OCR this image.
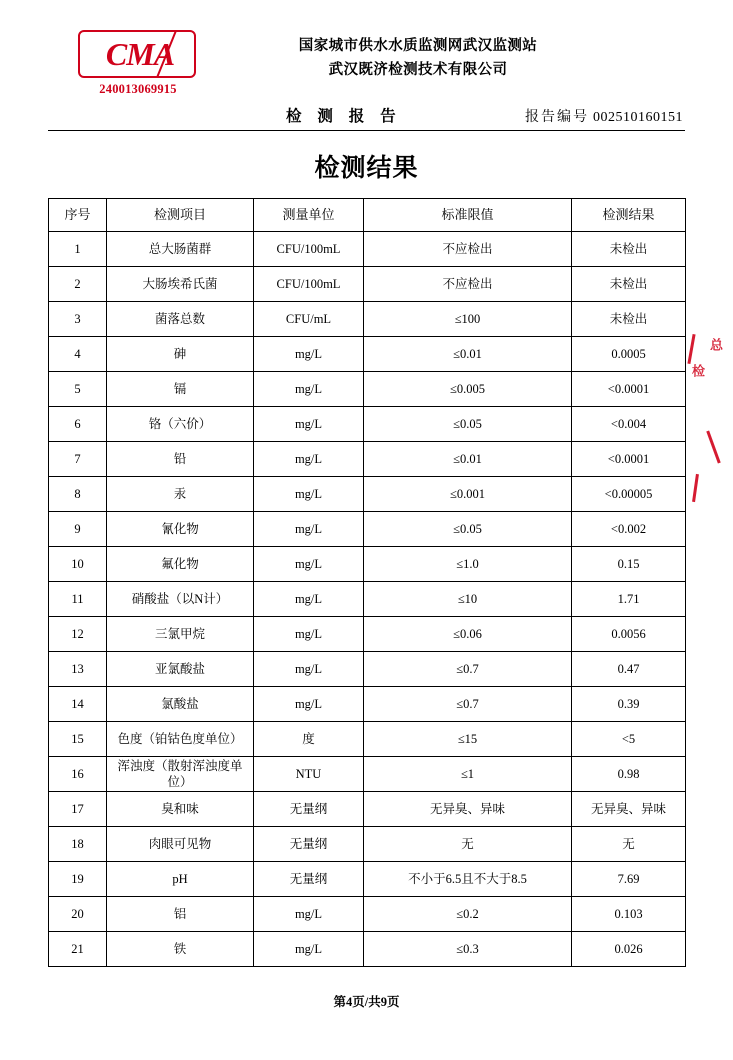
CMA
240013069915
国家城市供水水质监测网武汉监测站
武汉既济检测技术有限公司
检 测 报 告	报告编号 002510160151
检测结果
序号	检测项目	测量单位	标准限值	检测结果
1	总大肠菌群	CFU/100mL	不应检出	未检出
2	大肠埃希氏菌	CFU/100mL	不应检出	未检出
3	菌落总数	CFU/mL	≤100	未检出
4	砷	mg/L	≤0.01	0.0005
5	镉	mg/L	≤0.005	<0.0001
6	铬（六价）	mg/L	≤0.05	<0.004
7	铅	mg/L	≤0.01	<0.0001
8	汞	mg/L	≤0.001	<0.00005
9	氰化物	mg/L	≤0.05	<0.002
10	氟化物	mg/L	≤1.0	0.15
11	硝酸盐（以N计）	mg/L	≤10	1.71
12	三氯甲烷	mg/L	≤0.06	0.0056
13	亚氯酸盐	mg/L	≤0.7	0.47
14	氯酸盐	mg/L	≤0.7	0.39
15	色度（铂钴色度单位）	度	≤15	<5
16	浑浊度（散射浑浊度单位）	NTU	≤1	0.98
17	臭和味	无量纲	无异臭、异味	无异臭、异味
18	肉眼可见物	无量纲	无	无
19	pH	无量纲	不小于6.5且不大于8.5	7.69
20	铝	mg/L	≤0.2	0.103
21	铁	mg/L	≤0.3	0.026
总
检
第4页/共9页
